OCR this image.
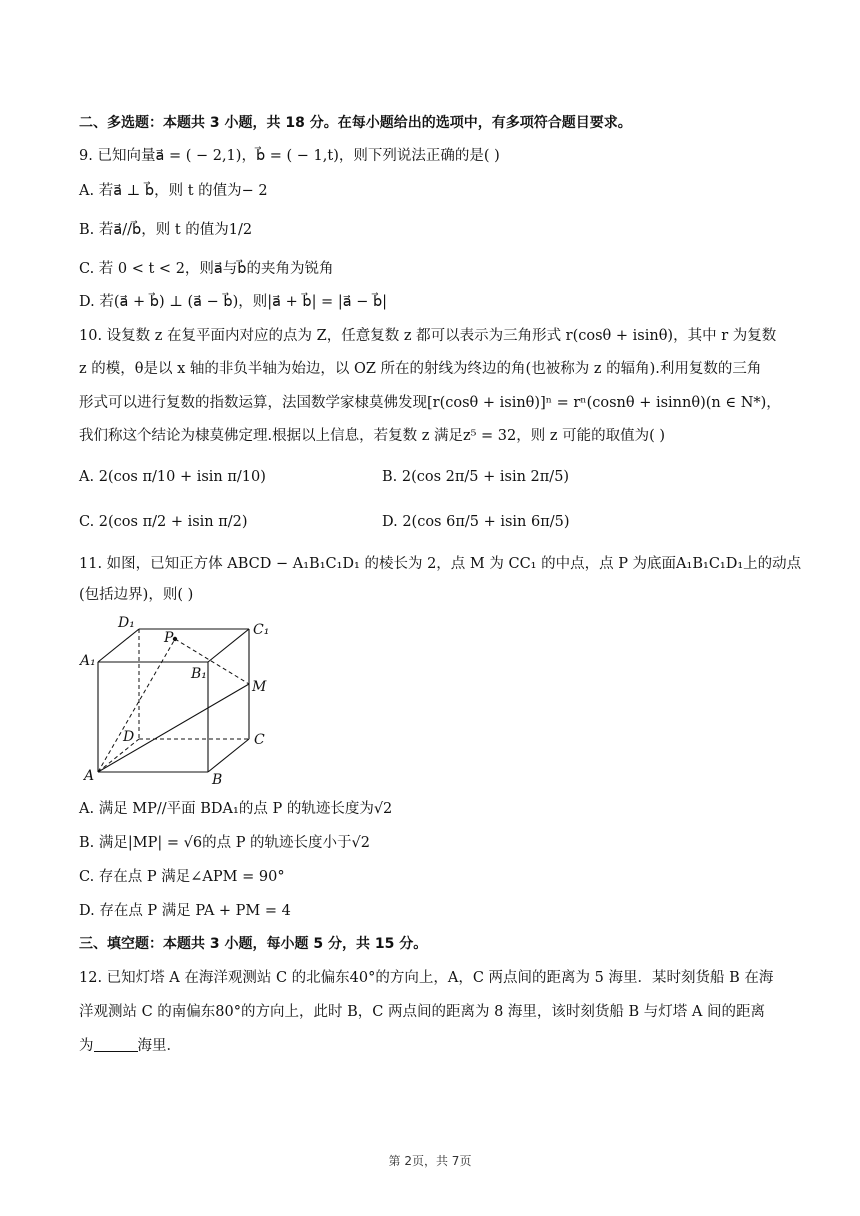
二、多选题：本题共 3 小题，共 18 分。在每小题给出的选项中，有多项符合题目要求。
9. 已知向量a⃗ = ( − 2,1)，b⃗ = ( − 1,t)，则下列说法正确的是( )
A. 若a⃗ ⊥ b⃗，则 t 的值为− 2
B. 若a⃗//b⃗，则 t 的值为1/2
C. 若 0 < t < 2，则a⃗与b⃗的夹角为锐角
D. 若(a⃗ + b⃗) ⊥ (a⃗ − b⃗)，则|a⃗ + b⃗| = |a⃗ − b⃗|
10. 设复数 z 在复平面内对应的点为 Z，任意复数 z 都可以表示为三角形式 r(cosθ + isinθ)，其中 r 为复数
z 的模，θ是以 x 轴的非负半轴为始边，以 OZ 所在的射线为终边的角(也被称为 z 的辐角).利用复数的三角
形式可以进行复数的指数运算，法国数学家棣莫佛发现[r(cosθ + isinθ)]ⁿ = rⁿ(cosnθ + isinnθ)(n ∈ N*)，
我们称这个结论为棣莫佛定理.根据以上信息，若复数 z 满足z⁵ = 32，则 z 可能的取值为( )
A. 2(cos π/10 + isin π/10)	B. 2(cos 2π/5 + isin 2π/5)
C. 2(cos π/2 + isin π/2)	D. 2(cos 6π/5 + isin 6π/5)
11. 如图，已知正方体 ABCD − A₁B₁C₁D₁ 的棱长为 2，点 M 为 CC₁ 的中点，点 P 为底面A₁B₁C₁D₁上的动点
(包括边界)，则( )
D₁	C₁
A₁
B₁
P
M
D	C
A	B
A. 满足 MP//平面 BDA₁的点 P 的轨迹长度为√2
B. 满足|MP| = √6的点 P 的轨迹长度小于√2
C. 存在点 P 满足∠APM = 90°
D. 存在点 P 满足 PA + PM = 4
三、填空题：本题共 3 小题，每小题 5 分，共 15 分。
12. 已知灯塔 A 在海洋观测站 C 的北偏东40°的方向上，A，C 两点间的距离为 5 海里．某时刻货船 B 在海
洋观测站 C 的南偏东80°的方向上，此时 B，C 两点间的距离为 8 海里，该时刻货船 B 与灯塔 A 间的距离
为	海里．
第 2页，共 7页
